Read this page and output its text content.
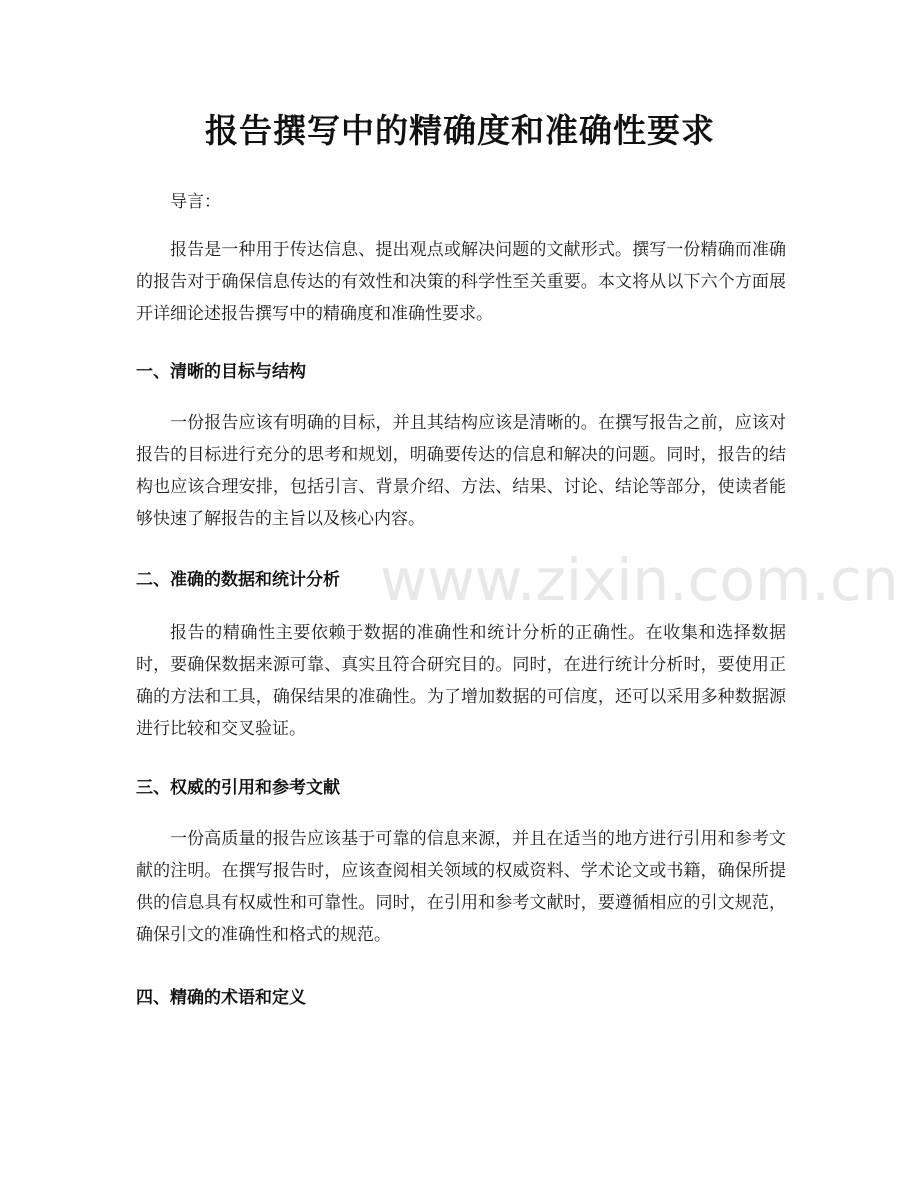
报告撰写中的精确度和准确性要求

导言：

报告是一种用于传达信息、提出观点或解决问题的文献形式。撰写一份精确而准确的报告对于确保信息传达的有效性和决策的科学性至关重要。本文将从以下六个方面展开详细论述报告撰写中的精确度和准确性要求。

一、清晰的目标与结构

一份报告应该有明确的目标，并且其结构应该是清晰的。在撰写报告之前，应该对报告的目标进行充分的思考和规划，明确要传达的信息和解决的问题。同时，报告的结构也应该合理安排，包括引言、背景介绍、方法、结果、讨论、结论等部分，使读者能够快速了解报告的主旨以及核心内容。

二、准确的数据和统计分析

报告的精确性主要依赖于数据的准确性和统计分析的正确性。在收集和选择数据时，要确保数据来源可靠、真实且符合研究目的。同时，在进行统计分析时，要使用正确的方法和工具，确保结果的准确性。为了增加数据的可信度，还可以采用多种数据源进行比较和交叉验证。

三、权威的引用和参考文献

一份高质量的报告应该基于可靠的信息来源，并且在适当的地方进行引用和参考文献的注明。在撰写报告时，应该查阅相关领域的权威资料、学术论文或书籍，确保所提供的信息具有权威性和可靠性。同时，在引用和参考文献时，要遵循相应的引文规范，确保引文的准确性和格式的规范。

四、精确的术语和定义
www.zixin.com.cn
